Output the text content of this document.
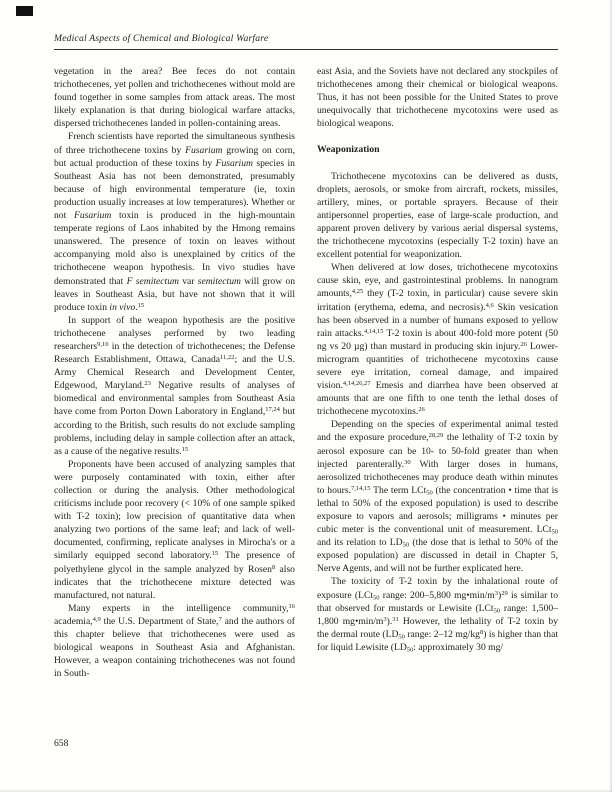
Medical Aspects of Chemical and Biological Warfare

vegetation in the area? Bee feces do not contain trichothecenes, yet pollen and trichothecenes without mold are found together in some samples from attack areas. The most likely explanation is that during biological warfare attacks, dispersed trichothecenes landed in pollen-containing areas.

French scientists have reported the simultaneous synthesis of three trichothecene toxins by Fusarium growing on corn, but actual production of these toxins by Fusarium species in Southeast Asia has not been demonstrated, presumably because of high environmental temperature (ie, toxin production usually increases at low temperatures). Whether or not Fusarium toxin is produced in the high-mountain temperate regions of Laos inhabited by the Hmong remains unanswered. The presence of toxin on leaves without accompanying mold also is unexplained by critics of the trichothecene weapon hypothesis. In vivo studies have demonstrated that F semitectum var semitectum will grow on leaves in Southeast Asia, but have not shown that it will produce toxin in vivo.$^{15}$

In support of the weapon hypothesis are the positive trichothecene analyses performed by two leading researchers$^{9,10}$ in the detection of trichothecenes; the Defense Research Establishment, Ottawa, Canada$^{11,22}$; and the U.S. Army Chemical Research and Development Center, Edgewood, Maryland.$^{23}$ Negative results of analyses of biomedical and environmental samples from Southeast Asia have come from Porton Down Laboratory in England,$^{17,24}$ but according to the British, such results do not exclude sampling problems, including delay in sample collection after an attack, as a cause of the negative results.$^{15}$

Proponents have been accused of analyzing samples that were purposely contaminated with toxin, either after collection or during the analysis. Other methodological criticisms include poor recovery (< 10% of one sample spiked with T-2 toxin); low precision of quantitative data when analyzing two portions of the same leaf; and lack of well-documented, confirming, replicate analyses in Mirocha's or a similarly equipped second laboratory.$^{15}$ The presence of polyethylene glycol in the sample analyzed by Rosen$^8$ also indicates that the trichothecene mixture detected was manufactured, not natural.

Many experts in the intelligence community,$^{16}$ academia,$^{4,9}$ the U.S. Department of State,$^7$ and the authors of this chapter believe that trichothecenes were used as biological weapons in Southeast Asia and Afghanistan. However, a weapon containing trichothecenes was not found in South-

east Asia, and the Soviets have not declared any stockpiles of trichothecenes among their chemical or biological weapons. Thus, it has not been possible for the United States to prove unequivocally that trichothecene mycotoxins were used as biological weapons.

Weaponization

Trichothecene mycotoxins can be delivered as dusts, droplets, aerosols, or smoke from aircraft, rockets, missiles, artillery, mines, or portable sprayers. Because of their antipersonnel properties, ease of large-scale production, and apparent proven delivery by various aerial dispersal systems, the trichothecene mycotoxins (especially T-2 toxin) have an excellent potential for weaponization.

When delivered at low doses, trichothecene mycotoxins cause skin, eye, and gastrointestinal problems. In nanogram amounts,$^{4,25}$ they (T-2 toxin, in particular) cause severe skin irritation (erythema, edema, and necrosis).$^{4,6}$ Skin vesication has been observed in a number of humans exposed to yellow rain attacks.$^{4,14,15}$ T-2 toxin is about 400-fold more potent (50 ng vs 20 µg) than mustard in producing skin injury.$^{26}$ Lower-microgram quantities of trichothecene mycotoxins cause severe eye irritation, corneal damage, and impaired vision.$^{4,14,26,27}$ Emesis and diarrhea have been observed at amounts that are one fifth to one tenth the lethal doses of trichothecene mycotoxins.$^{26}$

Depending on the species of experimental animal tested and the exposure procedure,$^{28,29}$ the lethality of T-2 toxin by aerosol exposure can be 10- to 50-fold greater than when injected parenterally.$^{30}$ With larger doses in humans, aerosolized trichothecenes may produce death within minutes to hours.$^{7,14,15}$ The term LCt$_{50}$ (the concentration • time that is lethal to 50% of the exposed population) is used to describe exposure to vapors and aerosols; milligrams • minutes per cubic meter is the conventional unit of measurement. LCt$_{50}$ and its relation to $LD_{50}$ (the dose that is lethal to 50% of the exposed population) are discussed in detail in Chapter 5, Nerve Agents, and will not be further explicated here.

The toxicity of T-2 toxin by the inhalational route of exposure (LCt$_{50}$ range: 200–5,800 $mg•\min/m^3)^{29}$ is similar to that observed for mustards or Lewisite (LCt$_{50}$ range: 1,500–1,800 $mg•\min/m^3).^{31}$ However, the lethality of T-2 toxin by the dermal route ($LD_{50}$ range: 2–12 $mg/kg^8$) is higher than that for liquid Lewisite ($LD_{50}$: approximately 30 mg/

658
